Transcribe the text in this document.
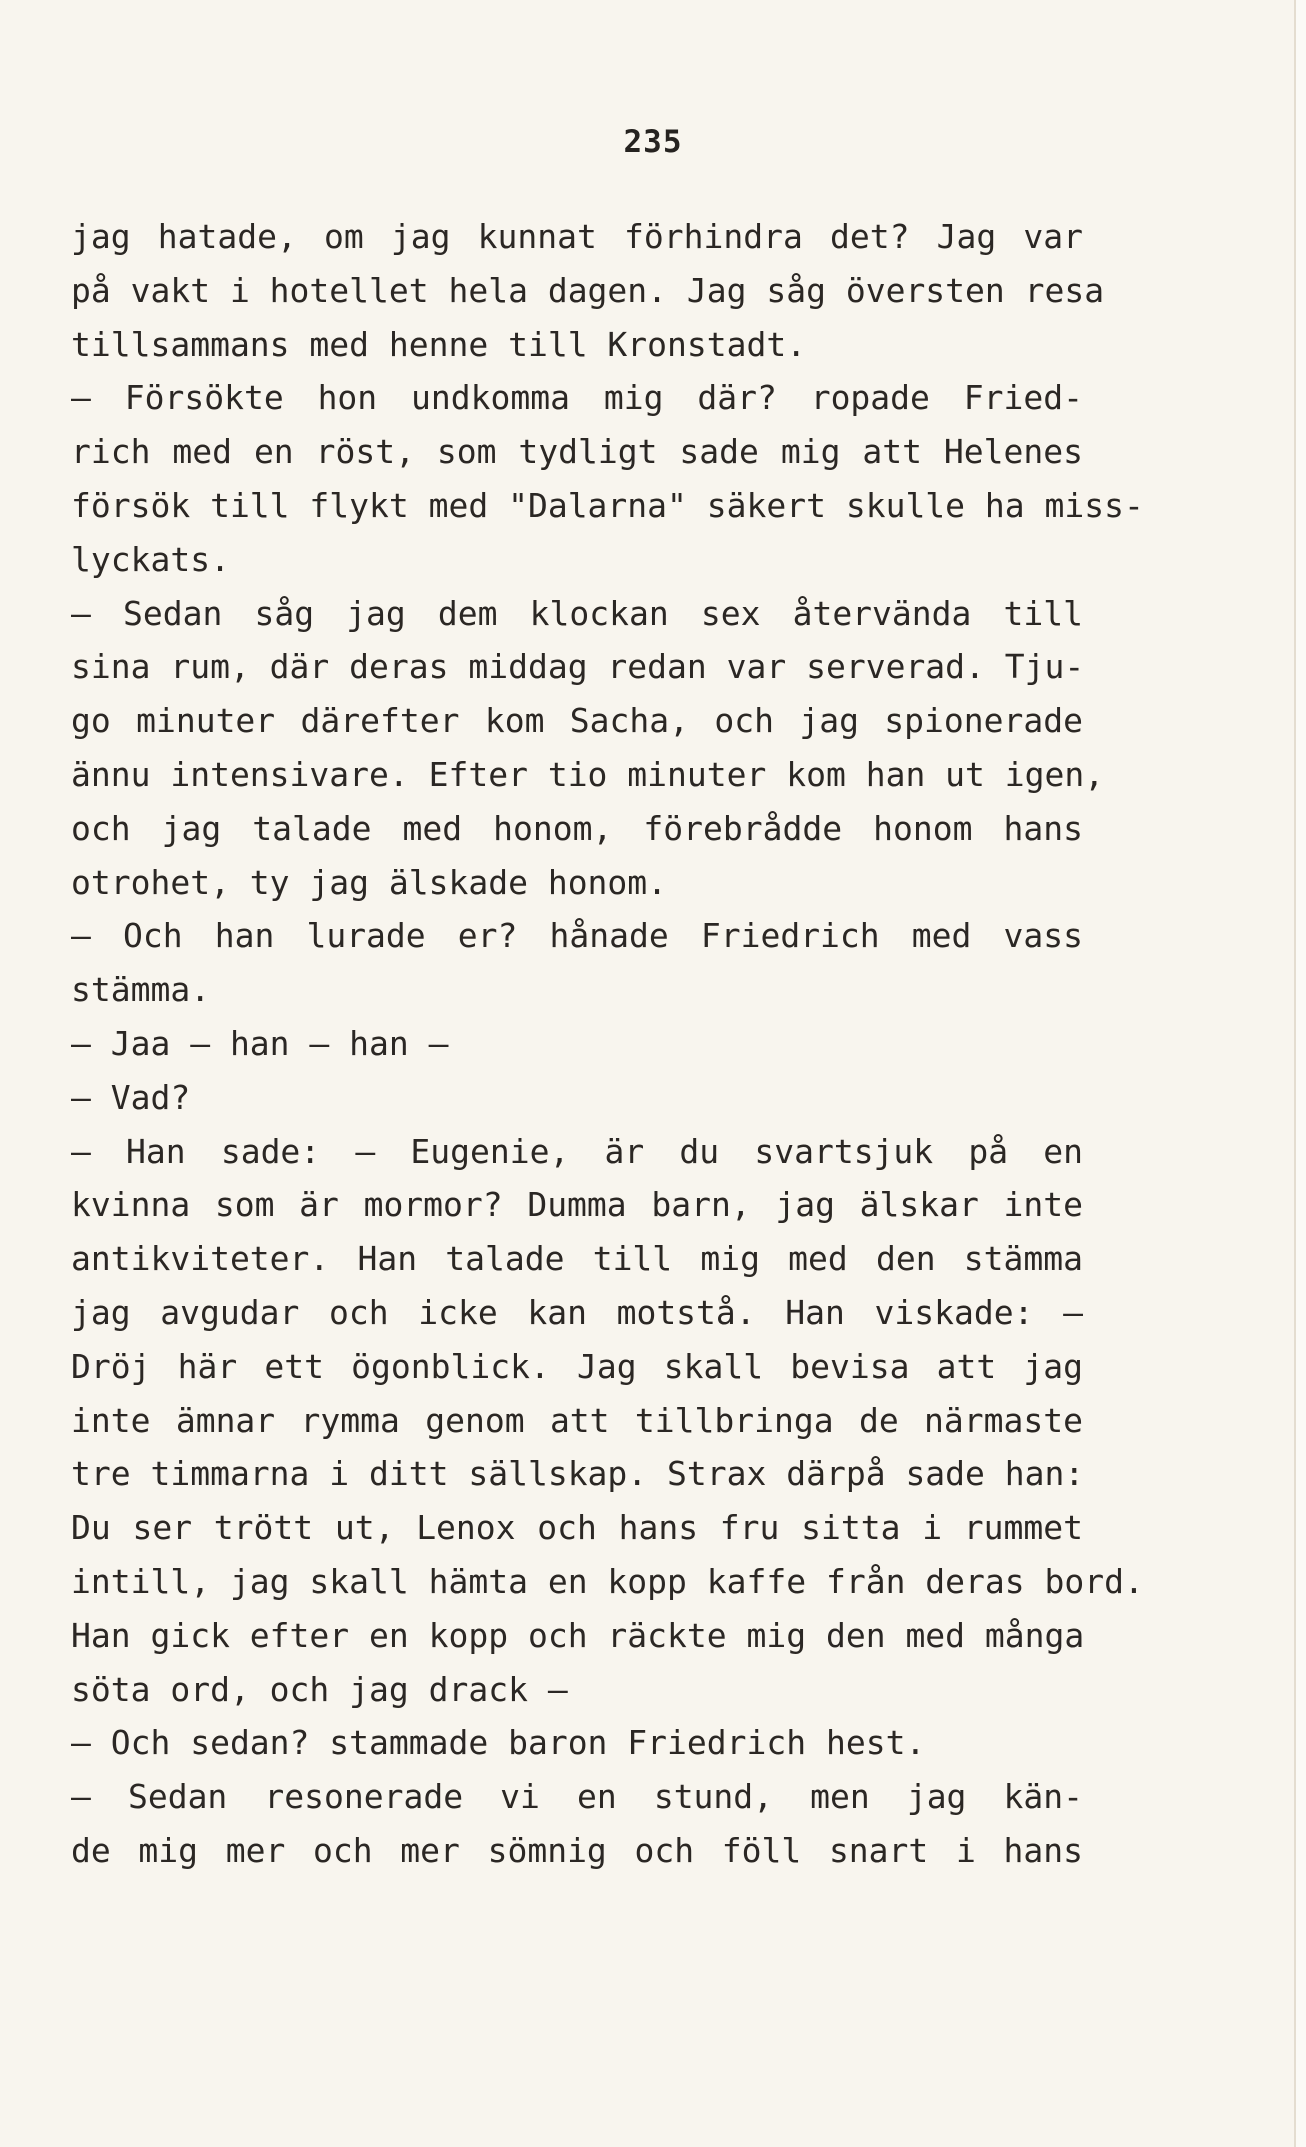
235
jag hatade, om jag kunnat förhindra det? Jag var
på vakt i hotellet hela dagen. Jag såg översten resa
tillsammans med henne till Kronstadt.
— Försökte hon undkomma mig där? ropade Fried-
rich med en röst, som tydligt sade mig att Helenes
försök till flykt med "Dalarna" säkert skulle ha miss-
lyckats.
— Sedan såg jag dem klockan sex återvända till
sina rum, där deras middag redan var serverad. Tju-
go minuter därefter kom Sacha, och jag spionerade
ännu intensivare. Efter tio minuter kom han ut igen,
och jag talade med honom, förebrådde honom hans
otrohet, ty jag älskade honom.
— Och han lurade er? hånade Friedrich med vass
stämma.
— Jaa — han — han —
— Vad?
— Han sade: — Eugenie, är du svartsjuk på en
kvinna som är mormor? Dumma barn, jag älskar inte
antikviteter. Han talade till mig med den stämma
jag avgudar och icke kan motstå. Han viskade: —
Dröj här ett ögonblick. Jag skall bevisa att jag
inte ämnar rymma genom att tillbringa de närmaste
tre timmarna i ditt sällskap. Strax därpå sade han:
Du ser trött ut, Lenox och hans fru sitta i rummet
intill, jag skall hämta en kopp kaffe från deras bord.
Han gick efter en kopp och räckte mig den med många
söta ord, och jag drack —
— Och sedan? stammade baron Friedrich hest.
— Sedan resonerade vi en stund, men jag kän-
de mig mer och mer sömnig och föll snart i hans
